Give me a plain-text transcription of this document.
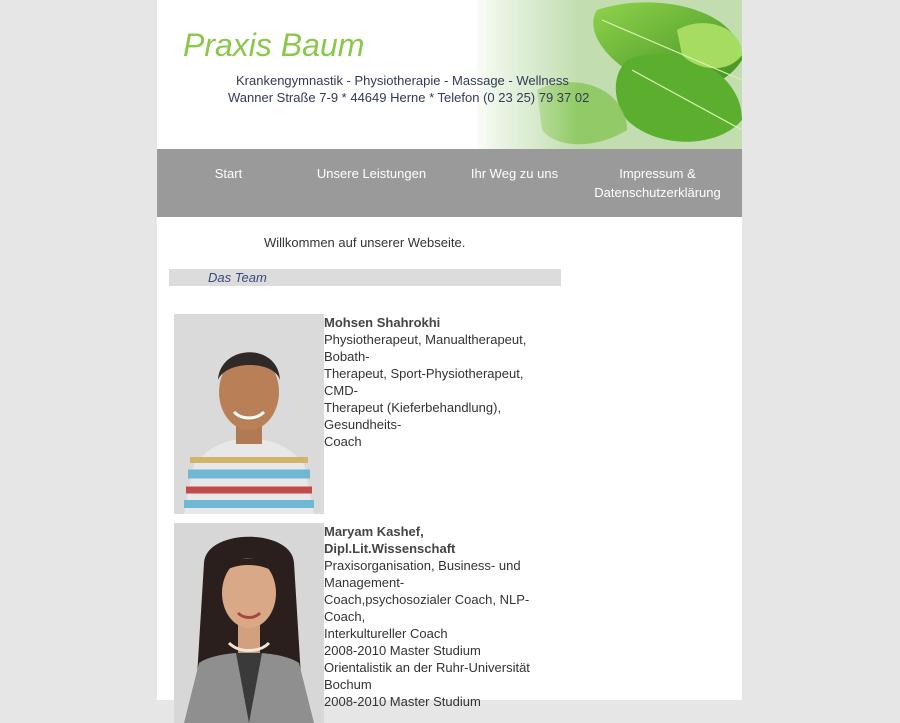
Praxis Baum
Krankengymnastik - Physiotherapie - Massage - Wellness
Wanner Straße 7-9 * 44649 Herne * Telefon (0 23 25) 79 37 02
Start	Unsere Leistungen	Ihr Weg zu uns	Impressum &
Datenschutzerklärung
Willkommen auf unserer Webseite.
Das Team
Mohsen Shahrokhi
Physiotherapeut, Manualtherapeut, Bobath-
Therapeut, Sport-Physiotherapeut, CMD-
Therapeut (Kieferbehandlung), Gesundheits-
Coach
Maryam Kashef, Dipl.Lit.Wissenschaft
Praxisorganisation, Business- und Management-
Coach,psychosozialer Coach, NLP-Coach,
Interkultureller Coach
2008-2010 Master Studium Orientalistik an der Ruhr-Universität Bochum
2008-2010 Master Studium
